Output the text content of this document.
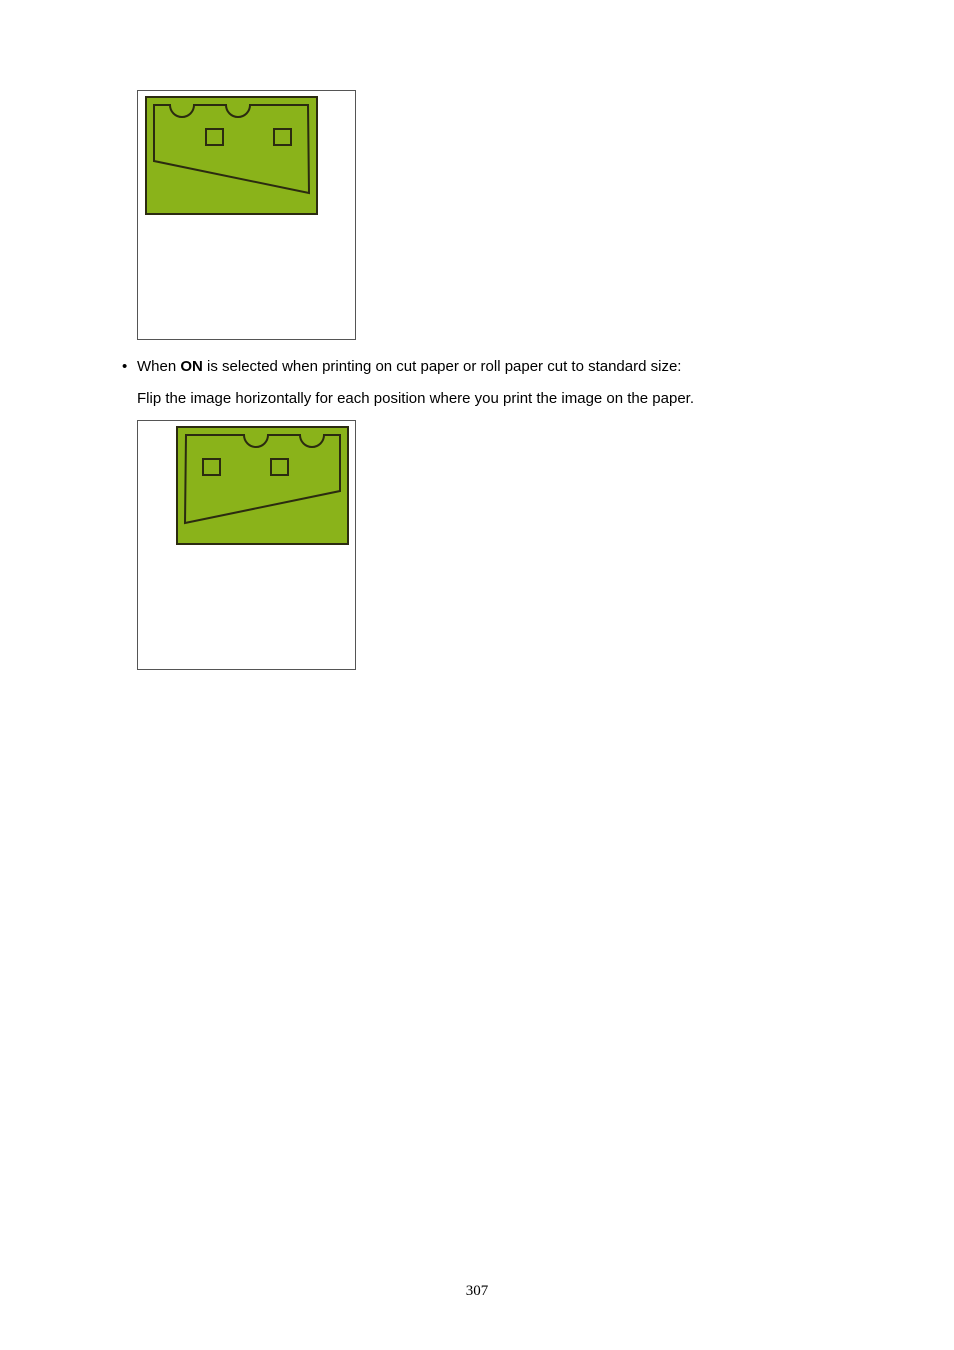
• When ON is selected when printing on cut paper or roll paper cut to standard size:
Flip the image horizontally for each position where you print the image on the paper.
307
